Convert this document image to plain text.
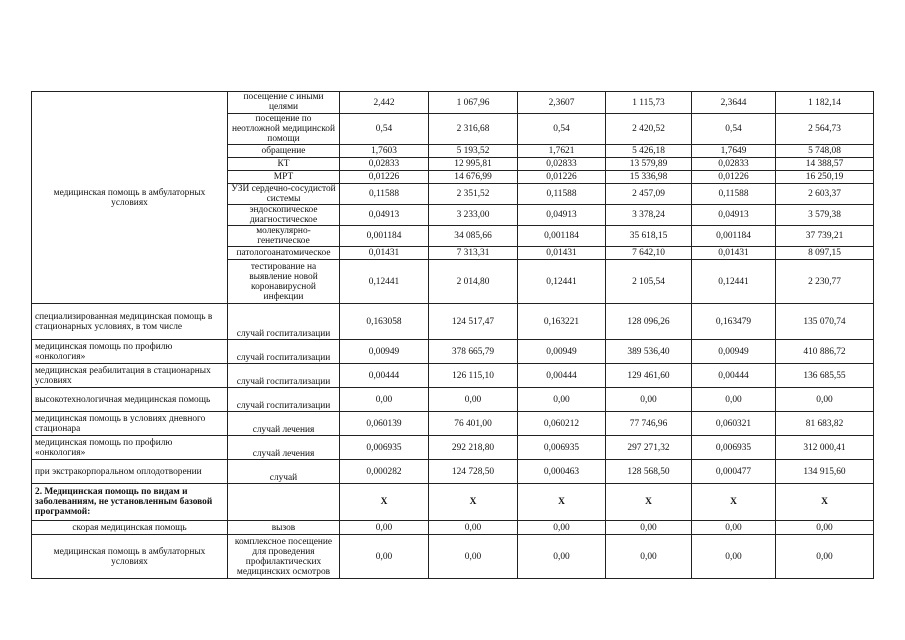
медицинская помощь в амбулаторных условиях	посещение с иными целями	2,442	1 067,96	2,3607	1 115,73	2,3644	1 182,14
	посещение по неотложной медицинской помощи	0,54	2 316,68	0,54	2 420,52	0,54	2 564,73
	обращение	1,7603	5 193,52	1,7621	5 426,18	1,7649	5 748,08
	КТ	0,02833	12 995,81	0,02833	13 579,89	0,02833	14 388,57
	МРТ	0,01226	14 676,99	0,01226	15 336,98	0,01226	16 250,19
	УЗИ сердечно-сосудистой системы	0,11588	2 351,52	0,11588	2 457,09	0,11588	2 603,37
	эндоскопическое диагностическое	0,04913	3 233,00	0,04913	3 378,24	0,04913	3 579,38
	молекулярно-генетическое	0,001184	34 085,66	0,001184	35 618,15	0,001184	37 739,21
	патологоанатомическое	0,01431	7 313,31	0,01431	7 642,10	0,01431	8 097,15
	тестирование на выявление новой коронавирусной инфекции	0,12441	2 014,80	0,12441	2 105,54	0,12441	2 230,77
специализированная медицинская помощь в стационарных условиях, в том числе	случай госпитализации	0,163058	124 517,47	0,163221	128 096,26	0,163479	135 070,74
медицинская помощь по профилю «онкология»	случай госпитализации	0,00949	378 665,79	0,00949	389 536,40	0,00949	410 886,72
медицинская реабилитация в стационарных условиях	случай госпитализации	0,00444	126 115,10	0,00444	129 461,60	0,00444	136 685,55
высокотехнологичная медицинская помощь	случай госпитализации	0,00	0,00	0,00	0,00	0,00	0,00
медицинская помощь в условиях дневного стационара	случай лечения	0,060139	76 401,00	0,060212	77 746,96	0,060321	81 683,82
медицинская помощь по профилю «онкология»	случай лечения	0,006935	292 218,80	0,006935	297 271,32	0,006935	312 000,41
при экстракорпоральном оплодотворении	случай	0,000282	124 728,50	0,000463	128 568,50	0,000477	134 915,60
2. Медицинская помощь по видам и заболеваниям, не установленным базовой программой:		X	X	X	X	X	X
скорая медицинская помощь	вызов	0,00	0,00	0,00	0,00	0,00	0,00
медицинская помощь в амбулаторных условиях	комплексное посещение для проведения профилактических медицинских осмотров	0,00	0,00	0,00	0,00	0,00	0,00
